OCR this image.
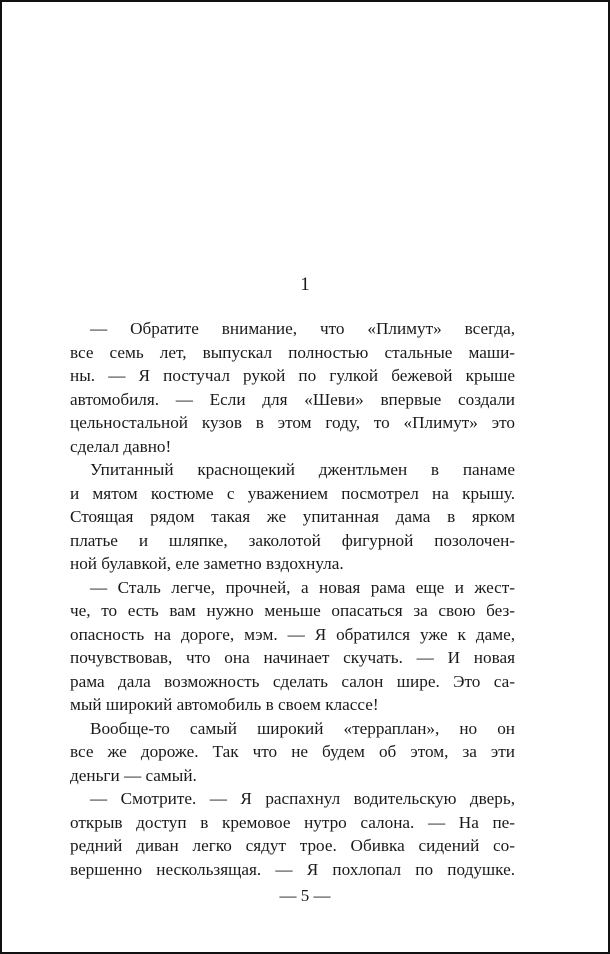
1
— Обратите внимание, что «Плимут» всегда,
все семь лет, выпускал полностью стальные маши-
ны. — Я постучал рукой по гулкой бежевой крыше
автомобиля. — Если для «Шеви» впервые создали
цельностальной кузов в этом году, то «Плимут» это
сделал давно!
Упитанный краснощекий джентльмен в панаме
и мятом костюме с уважением посмотрел на крышу.
Стоящая рядом такая же упитанная дама в ярком
платье и шляпке, заколотой фигурной позолочен-
ной булавкой, еле заметно вздохнула.
— Сталь легче, прочней, а новая рама еще и жест-
че, то есть вам нужно меньше опасаться за свою без-
опасность на дороге, мэм. — Я обратился уже к даме,
почувствовав, что она начинает скучать. — И новая
рама дала возможность сделать салон шире. Это са-
мый широкий автомобиль в своем классе!
Вообще-то самый широкий «терраплан», но он
все же дороже. Так что не будем об этом, за эти
деньги — самый.
— Смотрите. — Я распахнул водительскую дверь,
открыв доступ в кремовое нутро салона. — На пе-
редний диван легко сядут трое. Обивка сидений со-
вершенно нескользящая. — Я похлопал по подушке.
— 5 —
